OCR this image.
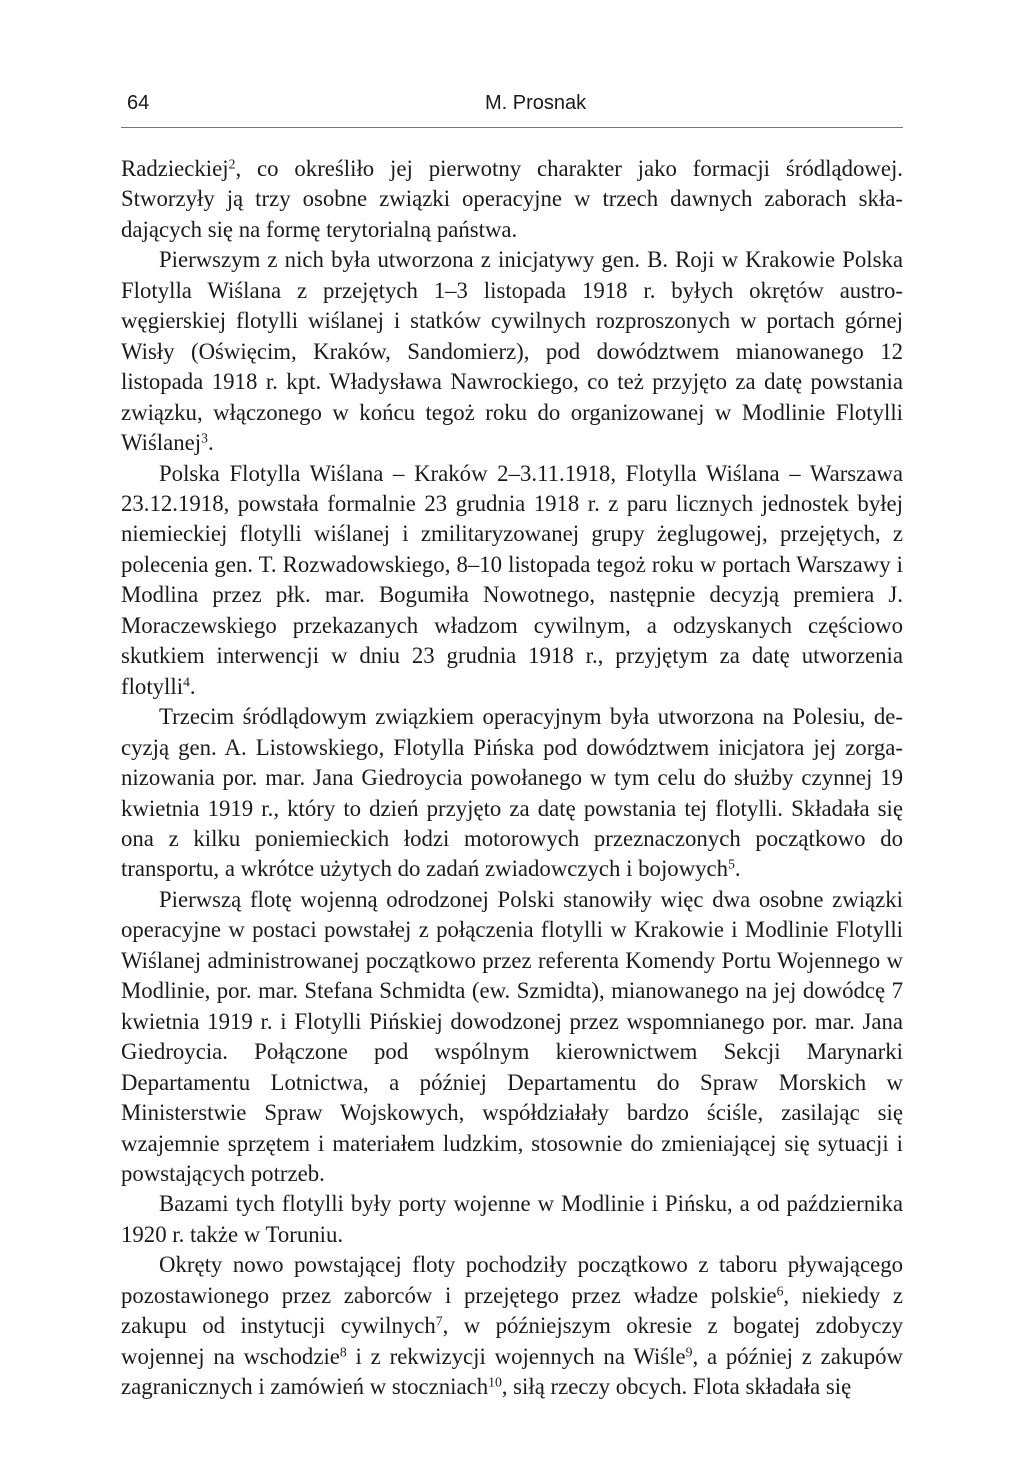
64	M. Prosnak

Radzieckiej$^2$, co określiło jej pierwotny charakter jako formacji śródlądowej. Stworzyły ją trzy osobne związki operacyjne w trzech dawnych zaborach składających się na formę terytorialną państwa.

Pierwszym z nich była utworzona z inicjatywy gen. B. Roji w Krakowie Polska Flotylla Wiślana z przejętych 1–3 listopada 1918 r. byłych okrętów austro-węgierskiej flotylli wiślanej i statków cywilnych rozproszonych w portach górnej Wisły (Oświęcim, Kraków, Sandomierz), pod dowództwem mianowanego 12 listopada 1918 r. kpt. Władysława Nawrockiego, co też przyjęto za datę powstania związku, włączonego w końcu tegoż roku do organizowanej w Modlinie Flotylli Wiślanej$^3$.

Polska Flotylla Wiślana – Kraków 2–3.11.1918, Flotylla Wiślana – Warszawa 23.12.1918, powstała formalnie 23 grudnia 1918 r. z paru licznych jednostek byłej niemieckiej flotylli wiślanej i zmilitaryzowanej grupy żeglugowej, przejętych, z polecenia gen. T. Rozwadowskiego, 8–10 listopada tegoż roku w portach Warszawy i Modlina przez płk. mar. Bogumiła Nowotnego, następnie decyzją premiera J. Moraczewskiego przekazanych władzom cywilnym, a odzyskanych częściowo skutkiem interwencji w dniu 23 grudnia 1918 r., przyjętym za datę utworzenia flotylli$^4$.

Trzecim śródlądowym związkiem operacyjnym była utworzona na Polesiu, decyzją gen. A. Listowskiego, Flotylla Pińska pod dowództwem inicjatora jej zorganizowania por. mar. Jana Giedroycia powołanego w tym celu do służby czynnej 19 kwietnia 1919 r., który to dzień przyjęto za datę powstania tej flotylli. Składała się ona z kilku poniemieckich łodzi motorowych przeznaczonych początkowo do transportu, a wkrótce użytych do zadań zwiadowczych i bojowych$^5$.

Pierwszą flotę wojenną odrodzonej Polski stanowiły więc dwa osobne związki operacyjne w postaci powstałej z połączenia flotylli w Krakowie i Modlinie Flotylli Wiślanej administrowanej początkowo przez referenta Komendy Portu Wojennego w Modlinie, por. mar. Stefana Schmidta (ew. Szmidta), mianowanego na jej dowódcę 7 kwietnia 1919 r. i Flotylli Pińskiej dowodzonej przez wspomnianego por. mar. Jana Giedroycia. Połączone pod wspólnym kierownictwem Sekcji Marynarki Departamentu Lotnictwa, a później Departamentu do Spraw Morskich w Ministerstwie Spraw Wojskowych, współdziałały bardzo ściśle, zasilając się wzajemnie sprzętem i materiałem ludzkim, stosownie do zmieniającej się sytuacji i powstających potrzeb.

Bazami tych flotylli były porty wojenne w Modlinie i Pińsku, a od października 1920 r. także w Toruniu.

Okręty nowo powstającej floty pochodziły początkowo z taboru pływającego pozostawionego przez zaborców i przejętego przez władze polskie$^6$, niekiedy z zakupu od instytucji cywilnych$^7$, w późniejszym okresie z bogatej zdobyczy wojennej na wschodzie$^8$ i z rekwizycji wojennych na Wiśle$^9$, a później z zakupów zagranicznych i zamówień w stoczniach$^{10}$, siłą rzeczy obcych. Flota składała się
